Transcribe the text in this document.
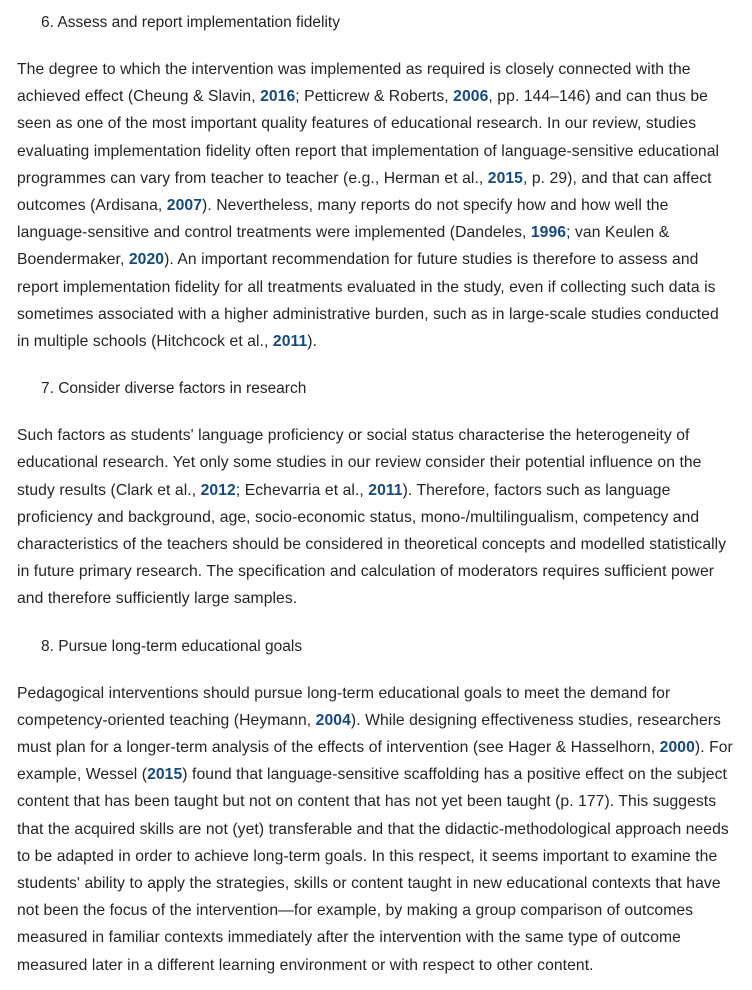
6. Assess and report implementation fidelity

The degree to which the intervention was implemented as required is closely connected with the achieved effect (Cheung & Slavin, 2016; Petticrew & Roberts, 2006, pp. 144–146) and can thus be seen as one of the most important quality features of educational research. In our review, studies evaluating implementation fidelity often report that implementation of language-sensitive educational programmes can vary from teacher to teacher (e.g., Herman et al., 2015, p. 29), and that can affect outcomes (Ardisana, 2007). Nevertheless, many reports do not specify how and how well the language-sensitive and control treatments were implemented (Dandeles, 1996; van Keulen & Boendermaker, 2020). An important recommendation for future studies is therefore to assess and report implementation fidelity for all treatments evaluated in the study, even if collecting such data is sometimes associated with a higher administrative burden, such as in large-scale studies conducted in multiple schools (Hitchcock et al., 2011).

7. Consider diverse factors in research

Such factors as students' language proficiency or social status characterise the heterogeneity of educational research. Yet only some studies in our review consider their potential influence on the study results (Clark et al., 2012; Echevarria et al., 2011). Therefore, factors such as language proficiency and background, age, socio-economic status, mono-/multilingualism, competency and characteristics of the teachers should be considered in theoretical concepts and modelled statistically in future primary research. The specification and calculation of moderators requires sufficient power and therefore sufficiently large samples.

8. Pursue long-term educational goals

Pedagogical interventions should pursue long-term educational goals to meet the demand for competency-oriented teaching (Heymann, 2004). While designing effectiveness studies, researchers must plan for a longer-term analysis of the effects of intervention (see Hager & Hasselhorn, 2000). For example, Wessel (2015) found that language-sensitive scaffolding has a positive effect on the subject content that has been taught but not on content that has not yet been taught (p. 177). This suggests that the acquired skills are not (yet) transferable and that the didactic-methodological approach needs to be adapted in order to achieve long-term goals. In this respect, it seems important to examine the students' ability to apply the strategies, skills or content taught in new educational contexts that have not been the focus of the intervention—for example, by making a group comparison of outcomes measured in familiar contexts immediately after the intervention with the same type of outcome measured later in a different learning environment or with respect to other content.
